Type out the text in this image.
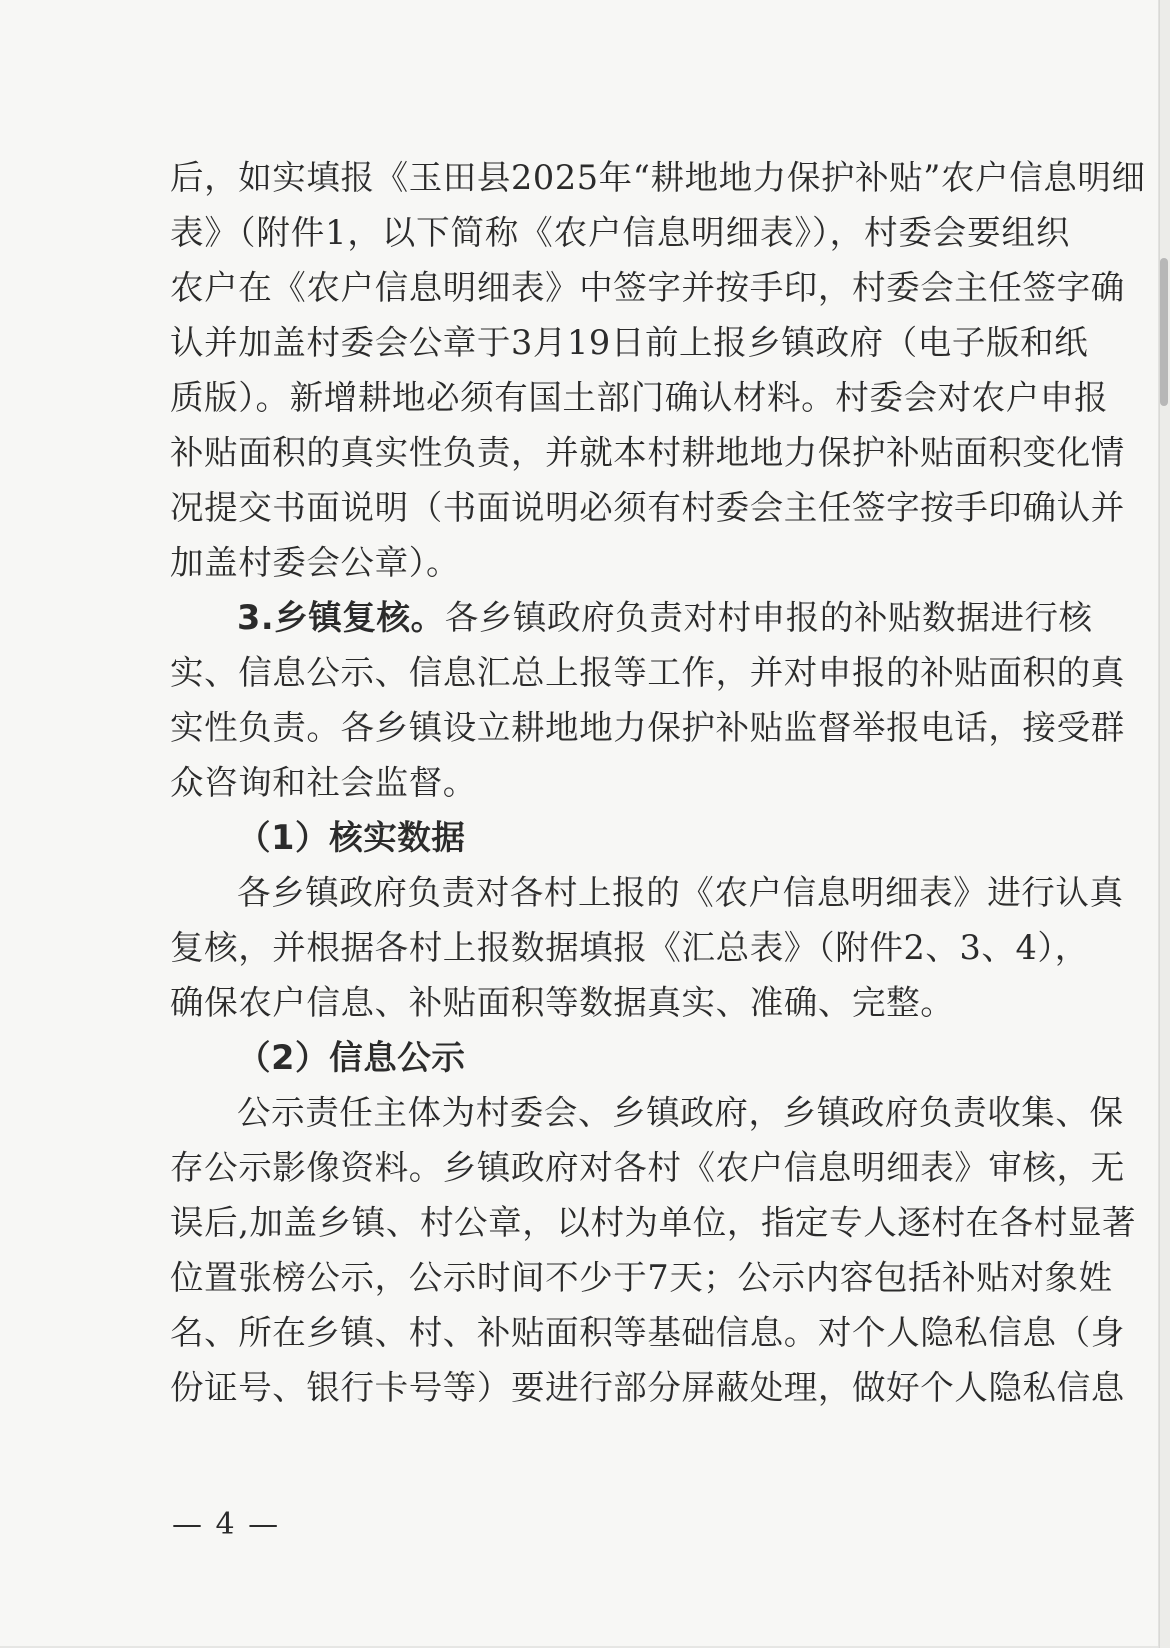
后，如实填报《玉田县2025年“耕地地力保护补贴”农户信息明细
表》（附件1，以下简称《农户信息明细表》），村委会要组织
农户在《农户信息明细表》中签字并按手印，村委会主任签字确
认并加盖村委会公章于3月19日前上报乡镇政府（电子版和纸
质版）。新增耕地必须有国土部门确认材料。村委会对农户申报
补贴面积的真实性负责，并就本村耕地地力保护补贴面积变化情
况提交书面说明（书面说明必须有村委会主任签字按手印确认并
加盖村委会公章）。
3.乡镇复核。各乡镇政府负责对村申报的补贴数据进行核
实、信息公示、信息汇总上报等工作，并对申报的补贴面积的真
实性负责。各乡镇设立耕地地力保护补贴监督举报电话，接受群
众咨询和社会监督。
（1）核实数据
各乡镇政府负责对各村上报的《农户信息明细表》进行认真
复核，并根据各村上报数据填报《汇总表》（附件2、3、4），
确保农户信息、补贴面积等数据真实、准确、完整。
（2）信息公示
公示责任主体为村委会、乡镇政府，乡镇政府负责收集、保
存公示影像资料。乡镇政府对各村《农户信息明细表》审核，无
误后,加盖乡镇、村公章，以村为单位，指定专人逐村在各村显著
位置张榜公示，公示时间不少于7天；公示内容包括补贴对象姓
名、所在乡镇、村、补贴面积等基础信息。对个人隐私信息（身
份证号、银行卡号等）要进行部分屏蔽处理，做好个人隐私信息
— 4 —
